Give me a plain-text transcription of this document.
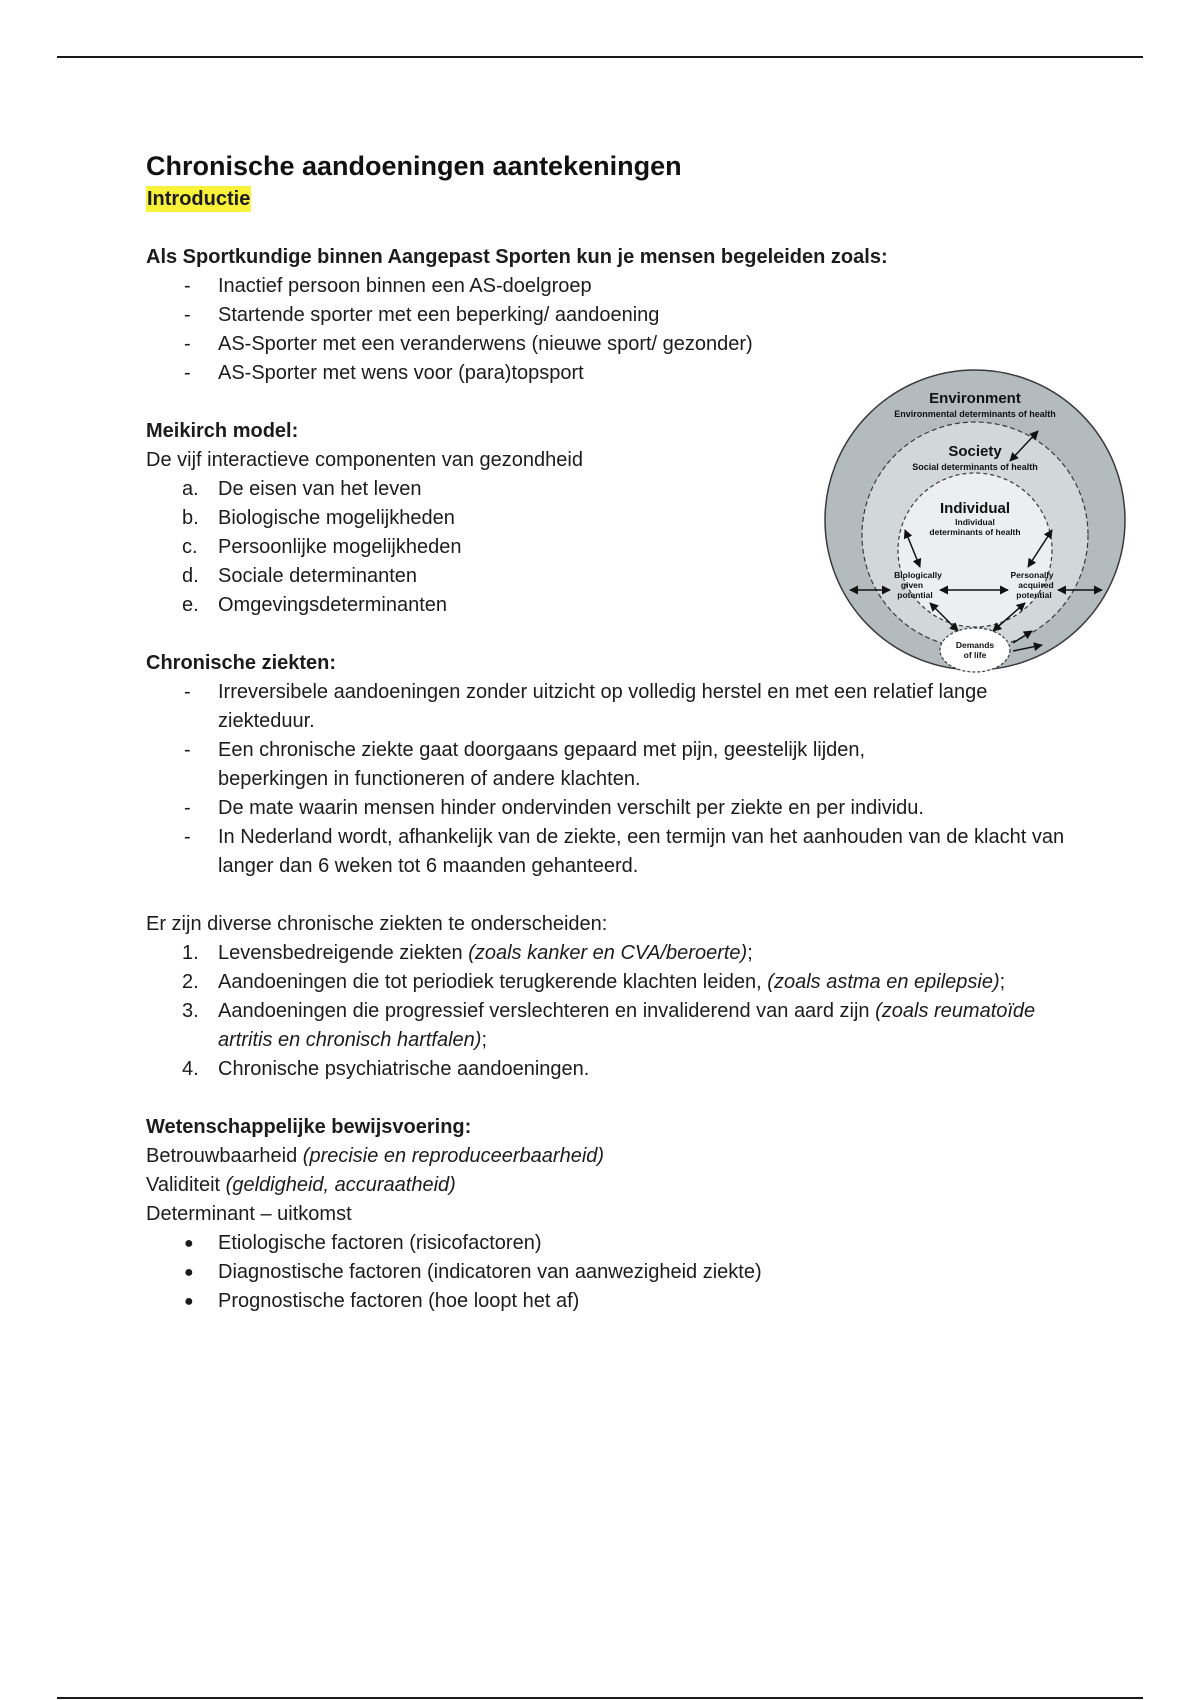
Chronische aandoeningen aantekeningen
Introductie

Als Sportkundige binnen Aangepast Sporten kun je mensen begeleiden zoals:

-	Inactief persoon binnen een AS-doelgroep
-	Startende sporter met een beperking/ aandoening
-	AS-Sporter met een veranderwens (nieuwe sport/ gezonder)
-	AS-Sporter met wens voor (para)topsport

Meikirch model:

De vijf interactieve componenten van gezondheid

a. De eisen van het leven
b. Biologische mogelijkheden
c.	Persoonlijke mogelijkheden
d. Sociale determinanten
e. Omgevingsdeterminanten

Chronische ziekten:

-	Irreversibele aandoeningen zonder uitzicht op volledig herstel en met een relatief lange ziekteduur.
-	Een chronische ziekte gaat doorgaans gepaard met pijn, geestelijk lijden, beperkingen in functioneren of andere klachten.
-	De mate waarin mensen hinder ondervinden verschilt per ziekte en per individu.
-	In Nederland wordt, afhankelijk van de ziekte, een termijn van het aanhouden van de klacht van langer dan 6 weken tot 6 maanden gehanteerd.

Er zijn diverse chronische ziekten te onderscheiden:

1. Levensbedreigende ziekten (zoals kanker en CVA/beroerte);
2. Aandoeningen die tot periodiek terugkerende klachten leiden, (zoals astma en epilepsie);
3. Aandoeningen die progressief verslechteren en invaliderend van aard zijn (zoals reumatoïde artritis en chronisch hartfalen);
4. Chronische psychiatrische aandoeningen.

Wetenschappelijke bewijsvoering:

Betrouwbaarheid (precisie en reproduceerbaarheid)

Validiteit (geldigheid, accuraatheid)

Determinant – uitkomst

●	Etiologische factoren (risicofactoren)
●	Diagnostische factoren (indicatoren van aanwezigheid ziekte)
●	Prognostische factoren (hoe loopt het af)
Environment
Environmental determinants of health
Society
Social determinants of health
Individual
Individual
determinants of health
Biologically
given
potential
Personally
acquired
potential
Demands
of life
